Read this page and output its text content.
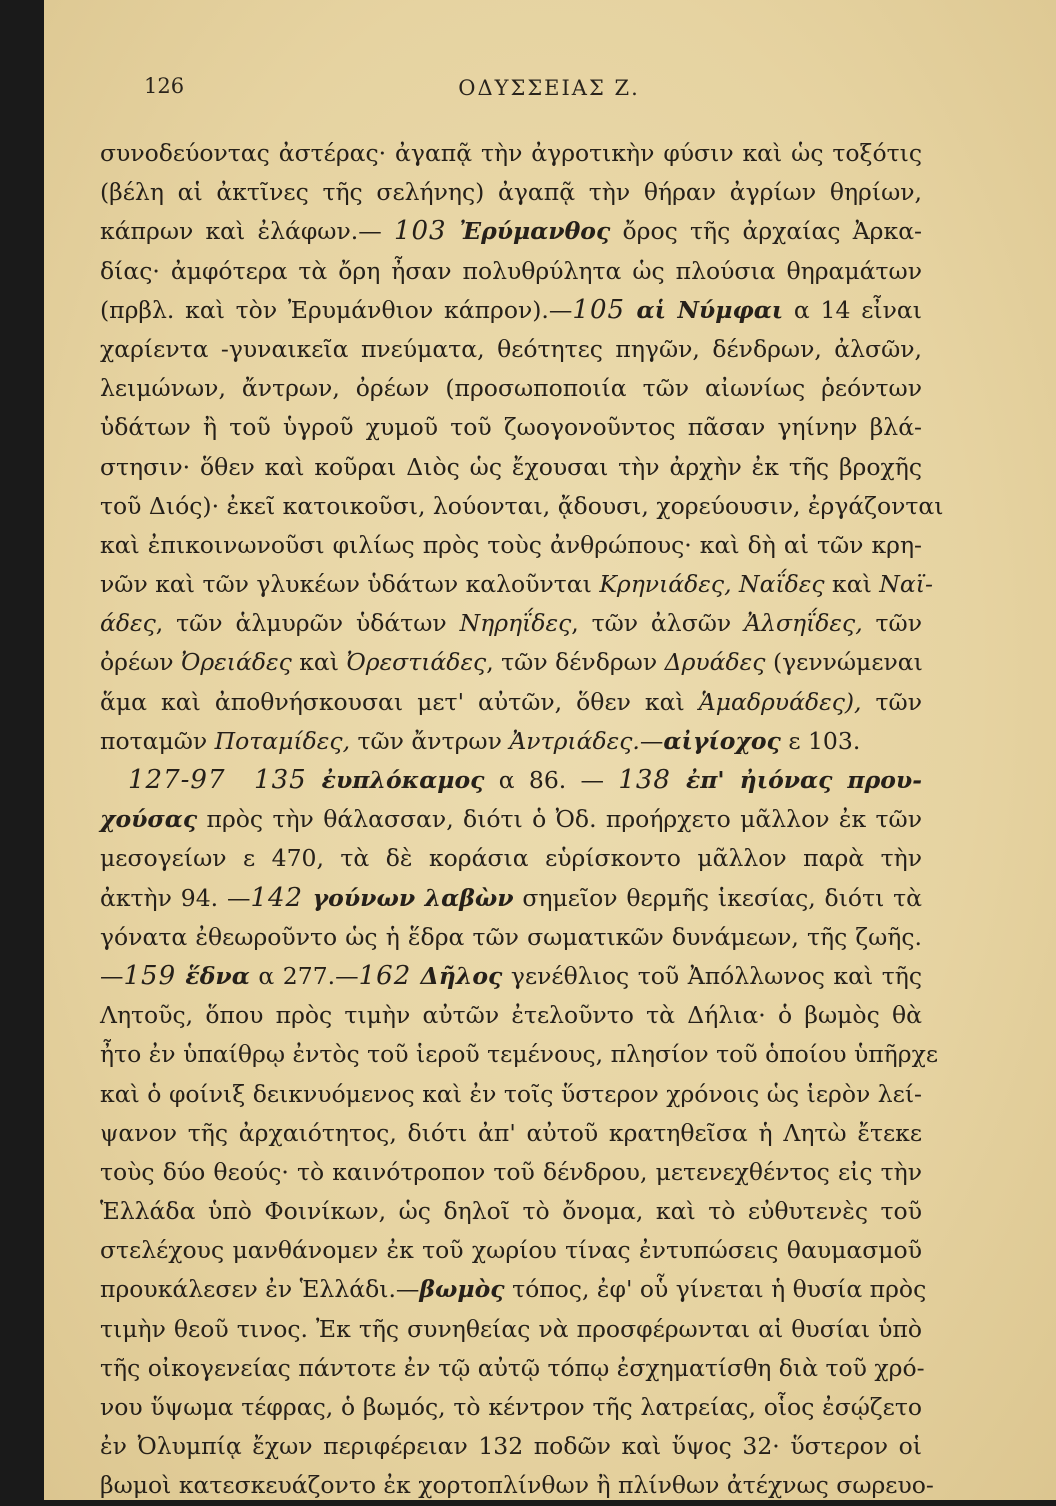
126	ΟΔΥΣΣΕΙΑΣ Ζ.
συνοδεύοντας ἀστέρας· ἀγαπᾷ τὴν ἀγροτικὴν φύσιν καὶ ὡς τοξότις
(βέλη αἱ ἀκτῖνες τῆς σελήνης) ἀγαπᾷ τὴν θήραν ἀγρίων θηρίων,
κάπρων καὶ ἐλάφων.— 103 Ἐρύμανθος ὄρος τῆς ἀρχαίας Ἀρκα-
δίας· ἀμφότερα τὰ ὄρη ἦσαν πολυθρύλητα ὡς πλούσια θηραμάτων
(πρβλ. καὶ τὸν Ἐρυμάνθιον κάπρον).—105 αἱ Νύμφαι α 14 εἶναι
χαρίεντα -γυναικεῖα πνεύματα, θεότητες πηγῶν, δένδρων, ἀλσῶν,
λειμώνων, ἄντρων, ὀρέων (προσωποποιία τῶν αἰωνίως ῥεόντων
ὑδάτων ἢ τοῦ ὑγροῦ χυμοῦ τοῦ ζωογονοῦντος πᾶσαν γηίνην βλά-
στησιν· ὅθεν καὶ κοῦραι Διὸς ὡς ἔχουσαι τὴν ἀρχὴν ἐκ τῆς βροχῆς
τοῦ Διός)· ἐκεῖ κατοικοῦσι, λούονται, ᾄδουσι, χορεύουσιν, ἐργάζονται
καὶ ἐπικοινωνοῦσι φιλίως πρὸς τοὺς ἀνθρώπους· καὶ δὴ αἱ τῶν κρη-
νῶν καὶ τῶν γλυκέων ὑδάτων καλοῦνται Κρηνιάδες, Ναΐδες καὶ Ναϊ-
άδες, τῶν ἁλμυρῶν ὑδάτων Νηρηΐδες, τῶν ἀλσῶν Ἀλσηΐδες, τῶν
ὀρέων Ὀρειάδες καὶ Ὀρεστιάδες, τῶν δένδρων Δρυάδες (γεννώμεναι
ἅμα καὶ ἀποθνήσκουσαι μετ' αὐτῶν, ὅθεν καὶ Ἁμαδρυάδες), τῶν
ποταμῶν Ποταμίδες, τῶν ἄντρων Ἀντριάδες.—αἰγίοχος ε 103.
127-97 135 ἐυπλόκαμος α 86. — 138 ἐπ' ἠιόνας πρου-
χούσας πρὸς τὴν θάλασσαν, διότι ὁ Ὀδ. προήρχετο μᾶλλον ἐκ τῶν
μεσογείων ε 470, τὰ δὲ κοράσια εὑρίσκοντο μᾶλλον παρὰ τὴν
ἀκτὴν 94. —142 γούνων λαβὼν σημεῖον θερμῆς ἱκεσίας, διότι τὰ
γόνατα ἐθεωροῦντο ὡς ἡ ἕδρα τῶν σωματικῶν δυνάμεων, τῆς ζωῆς.
—159 ἕδνα α 277.—162 Δῆλος γενέθλιος τοῦ Ἀπόλλωνος καὶ τῆς
Λητοῦς, ὅπου πρὸς τιμὴν αὐτῶν ἐτελοῦντο τὰ Δήλια· ὁ βωμὸς θὰ
ἦτο ἐν ὑπαίθρῳ ἐντὸς τοῦ ἱεροῦ τεμένους, πλησίον τοῦ ὁποίου ὑπῆρχε
καὶ ὁ φοίνιξ δεικνυόμενος καὶ ἐν τοῖς ὕστερον χρόνοις ὡς ἱερὸν λεί-
ψανον τῆς ἀρχαιότητος, διότι ἀπ' αὐτοῦ κρατηθεῖσα ἡ Λητὼ ἔτεκε
τοὺς δύο θεούς· τὸ καινότροπον τοῦ δένδρου, μετενεχθέντος εἰς τὴν
Ἑλλάδα ὑπὸ Φοινίκων, ὡς δηλοῖ τὸ ὄνομα, καὶ τὸ εὐθυτενὲς τοῦ
στελέχους μανθάνομεν ἐκ τοῦ χωρίου τίνας ἐντυπώσεις θαυμασμοῦ
προυκάλεσεν ἐν Ἑλλάδι.—βωμὸς τόπος, ἐφ' οὗ γίνεται ἡ θυσία πρὸς
τιμὴν θεοῦ τινος. Ἐκ τῆς συνηθείας νὰ προσφέρωνται αἱ θυσίαι ὑπὸ
τῆς οἰκογενείας πάντοτε ἐν τῷ αὐτῷ τόπῳ ἐσχηματίσθη διὰ τοῦ χρό-
νου ὕψωμα τέφρας, ὁ βωμός, τὸ κέντρον τῆς λατρείας, οἷος ἐσῴζετο
ἐν Ὀλυμπίᾳ ἔχων περιφέρειαν 132 ποδῶν καὶ ὕψος 32· ὕστερον οἱ
βωμοὶ κατεσκευάζοντο ἐκ χορτοπλίνθων ἢ πλίνθων ἀτέχνως σωρευο-
